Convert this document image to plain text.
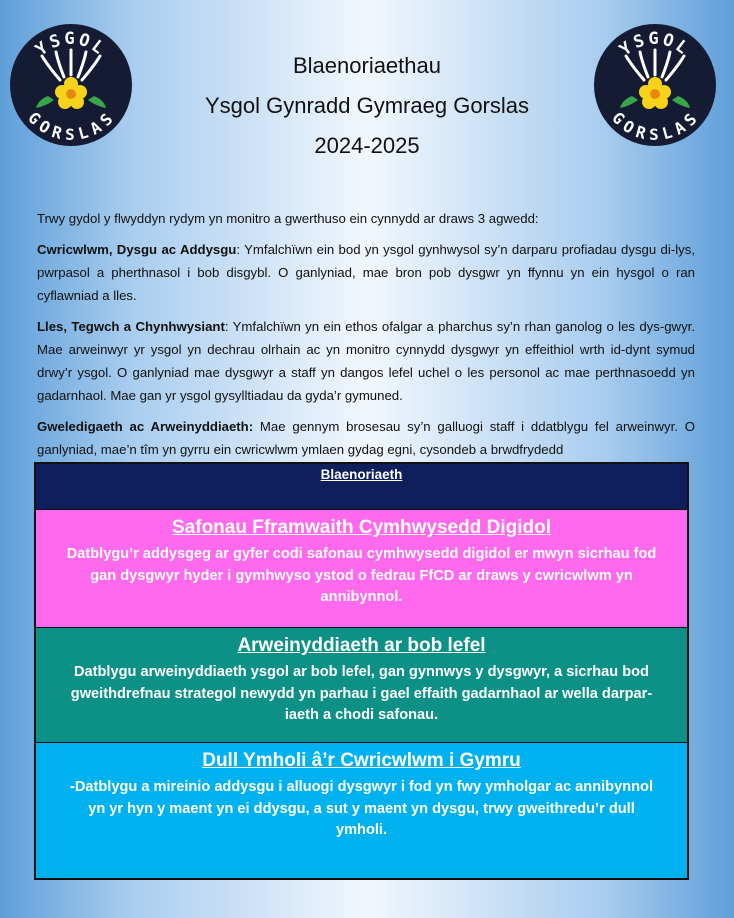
YSGOL
GORSLAS
YSGOL
GORSLAS
Blaenoriaethau
Ysgol Gynradd Gymraeg Gorslas
2024-2025

Trwy gydol y flwyddyn rydym yn monitro a gwerthuso ein cynnydd ar draws 3 agwedd:

Cwricwlwm, Dysgu ac Addysgu: Ymfalchïwn ein bod yn ysgol gynhwysol sy’n darparu profiadau dysgu di-lys, pwrpasol a pherthnasol i bob disgybl. O ganlyniad, mae bron pob dysgwr yn ffynnu yn ein hysgol o ran cyflawniad a lles.

Lles, Tegwch a Chynhwysiant: Ymfalchïwn yn ein ethos ofalgar a pharchus sy’n rhan ganolog o les dys-gwyr. Mae arweinwyr yr ysgol yn dechrau olrhain ac yn monitro cynnydd dysgwyr yn effeithiol wrth id-dynt symud drwy’r ysgol. O ganlyniad mae dysgwyr a staff yn dangos lefel uchel o les personol ac mae perthnasoedd yn gadarnhaol. Mae gan yr ysgol gysylltiadau da gyda’r gymuned.

Gweledigaeth ac Arweinyddiaeth: Mae gennym brosesau sy’n galluogi staff i ddatblygu fel arweinwyr. O ganlyniad, mae’n tîm yn gyrru ein cwricwlwm ymlaen gydag egni, cysondeb a brwdfrydedd

Blaenoriaeth
Safonau Fframwaith Cymhwysedd Digidol
Datblygu’r addysgeg ar gyfer codi safonau cymhwysedd digidol er mwyn sicrhau fod gan dysgwyr hyder i gymhwyso ystod o fedrau FfCD ar draws y cwricwlwm yn annibynnol.
Arweinyddiaeth ar bob lefel
Datblygu arweinyddiaeth ysgol ar bob lefel, gan gynnwys y dysgwyr, a sicrhau bod gweithdrefnau strategol newydd yn parhau i gael effaith gadarnhaol ar wella darpar-iaeth a chodi safonau.
Dull Ymholi â’r Cwricwlwm i Gymru
-Datblygu a mireinio addysgu i alluogi dysgwyr i fod yn fwy ymholgar ac annibynnol yn yr hyn y maent yn ei ddysgu, a sut y maent yn dysgu, trwy gweithredu’r dull ymholi.
